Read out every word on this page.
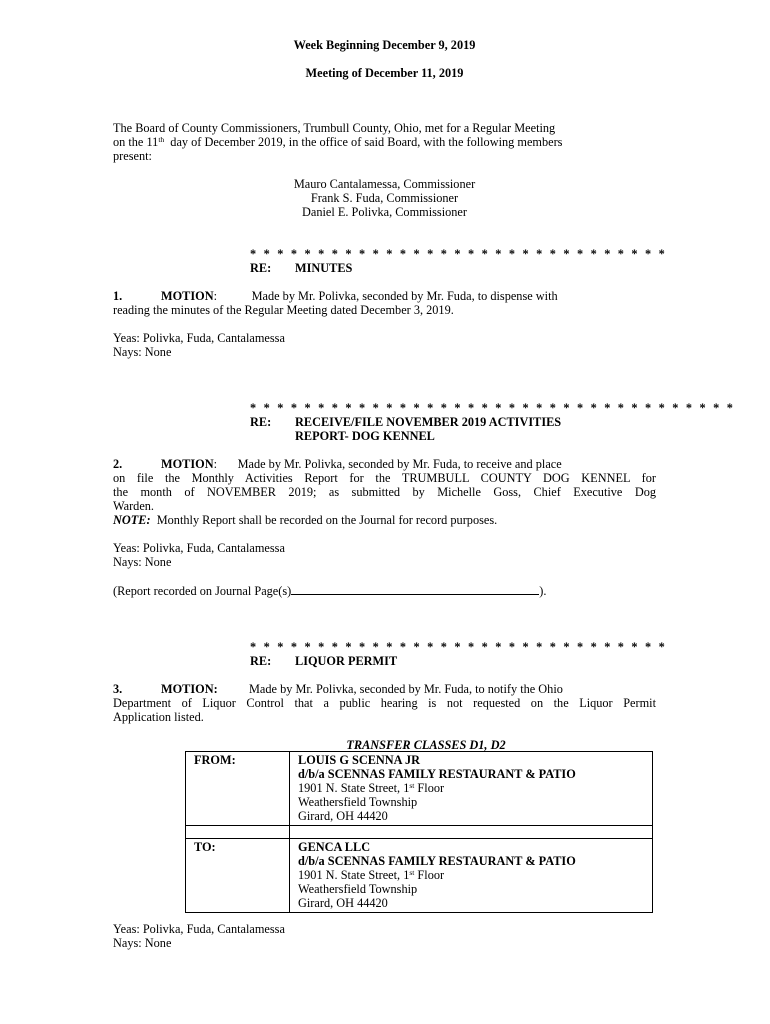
Week Beginning December 9, 2019
Meeting of December 11, 2019
The Board of County Commissioners, Trumbull County, Ohio, met for a Regular Meeting
on the 11th  day of December 2019, in the office of said Board, with the following members
present:
Mauro Cantalamessa, Commissioner
Frank S. Fuda, Commissioner
Daniel E. Polivka, Commissioner
* * * * * * * * * * * * * * * * * * * * * * * * * * * * * * *
RE: MINUTES
1.	MOTION:	Made by Mr. Polivka, seconded by Mr. Fuda, to dispense with
reading the minutes of the Regular Meeting dated December 3, 2019.
Yeas: Polivka, Fuda, Cantalamessa
Nays: None
* * * * * * * * * * * * * * * * * * * * * * * * * * * * * * * * * * * *
RE: RECEIVE/FILE NOVEMBER 2019 ACTIVITIES
REPORT- DOG KENNEL
2.	MOTION: Made by Mr. Polivka, seconded by Mr. Fuda, to receive and place
on file the Monthly Activities Report for the TRUMBULL COUNTY DOG KENNEL for
the month of NOVEMBER 2019; as submitted by Michelle Goss, Chief Executive Dog
Warden.
NOTE:  Monthly Report shall be recorded on the Journal for record purposes.
Yeas: Polivka, Fuda, Cantalamessa
Nays: None
(Report recorded on Journal Page(s)	).
* * * * * * * * * * * * * * * * * * * * * * * * * * * * * * *
RE: LIQUOR PERMIT
3.	MOTION:	Made by Mr. Polivka, seconded by Mr. Fuda, to notify the Ohio
Department of Liquor Control that a public hearing is not requested on the Liquor Permit
Application listed.
TRANSFER CLASSES D1, D2
FROM:	LOUIS G SCENNA JR
d/b/a SCENNAS FAMILY RESTAURANT & PATIO
1901 N. State Street, 1st Floor
Weathersfield Township
Girard, OH 44420

TO:	GENCA LLC
d/b/a SCENNAS FAMILY RESTAURANT & PATIO
1901 N. State Street, 1st Floor
Weathersfield Township
Girard, OH 44420
Yeas: Polivka, Fuda, Cantalamessa
Nays: None
